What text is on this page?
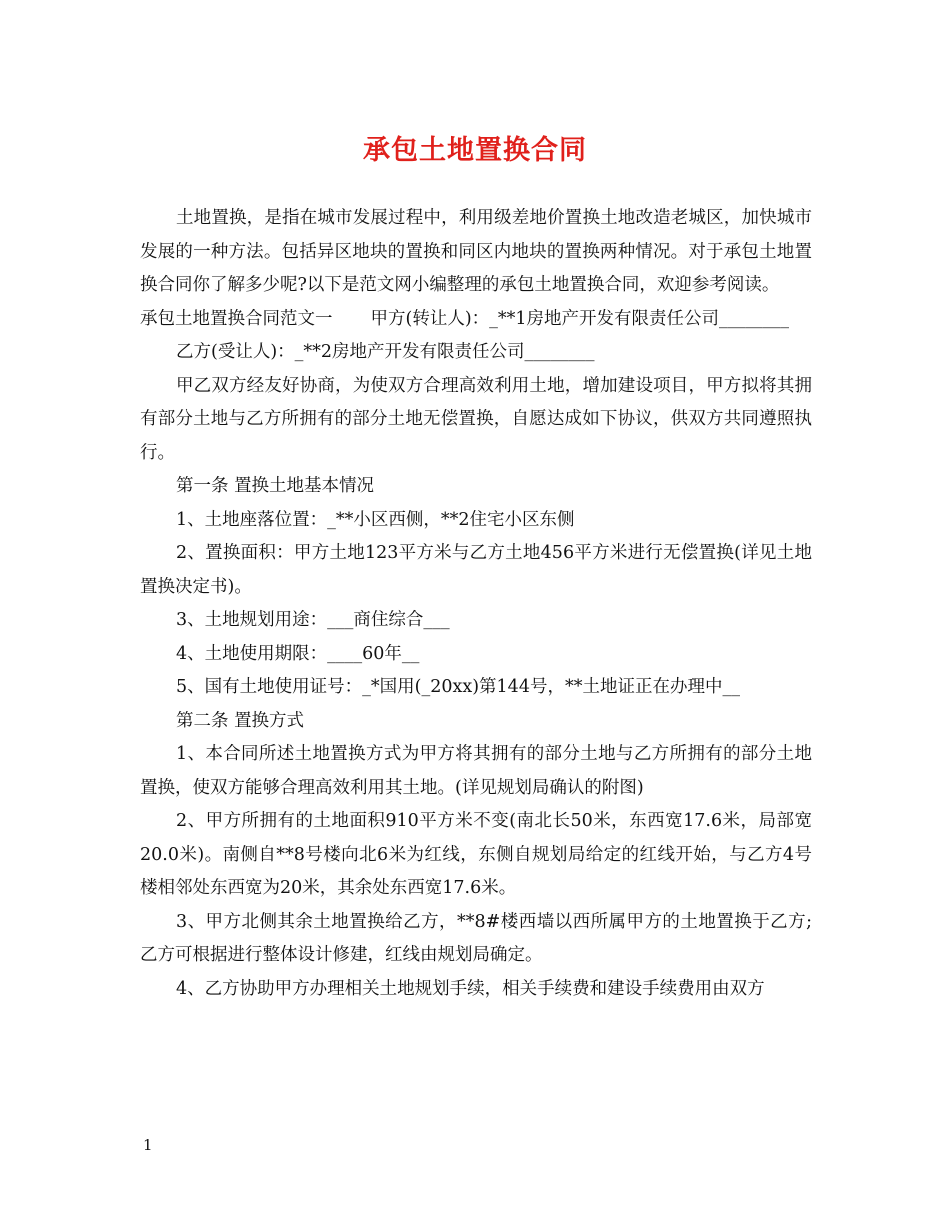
承包土地置换合同

土地置换，是指在城市发展过程中，利用级差地价置换土地改造老城区，加快城市发展的一种方法。包括异区地块的置换和同区内地块的置换两种情况。对于承包土地置换合同你了解多少呢?以下是范文网小编整理的承包土地置换合同，欢迎参考阅读。

承包土地置换合同范文一 甲方(转让人)：_**1房地产开发有限责任公司________

乙方(受让人)：_**2房地产开发有限责任公司________

甲乙双方经友好协商，为使双方合理高效利用土地，增加建设项目，甲方拟将其拥有部分土地与乙方所拥有的部分土地无偿置换，自愿达成如下协议，供双方共同遵照执行。

第一条 置换土地基本情况

1、土地座落位置：_**小区西侧，**2住宅小区东侧

2、置换面积：甲方土地123平方米与乙方土地456平方米进行无偿置换(详见土地置换决定书)。

3、土地规划用途：___商住综合___

4、土地使用期限：____60年__

5、国有土地使用证号：_*国用(_20xx)第144号，**土地证正在办理中__

第二条 置换方式

1、本合同所述土地置换方式为甲方将其拥有的部分土地与乙方所拥有的部分土地置换，使双方能够合理高效利用其土地。(详见规划局确认的附图)

2、甲方所拥有的土地面积910平方米不变(南北长50米，东西宽17.6米，局部宽20.0米)。南侧自**8号楼向北6米为红线，东侧自规划局给定的红线开始，与乙方4号楼相邻处东西宽为20米，其余处东西宽17.6米。

3、甲方北侧其余土地置换给乙方，**8#楼西墙以西所属甲方的土地置换于乙方;乙方可根据进行整体设计修建，红线由规划局确定。

4、乙方协助甲方办理相关土地规划手续，相关手续费和建设手续费用由双方

1
